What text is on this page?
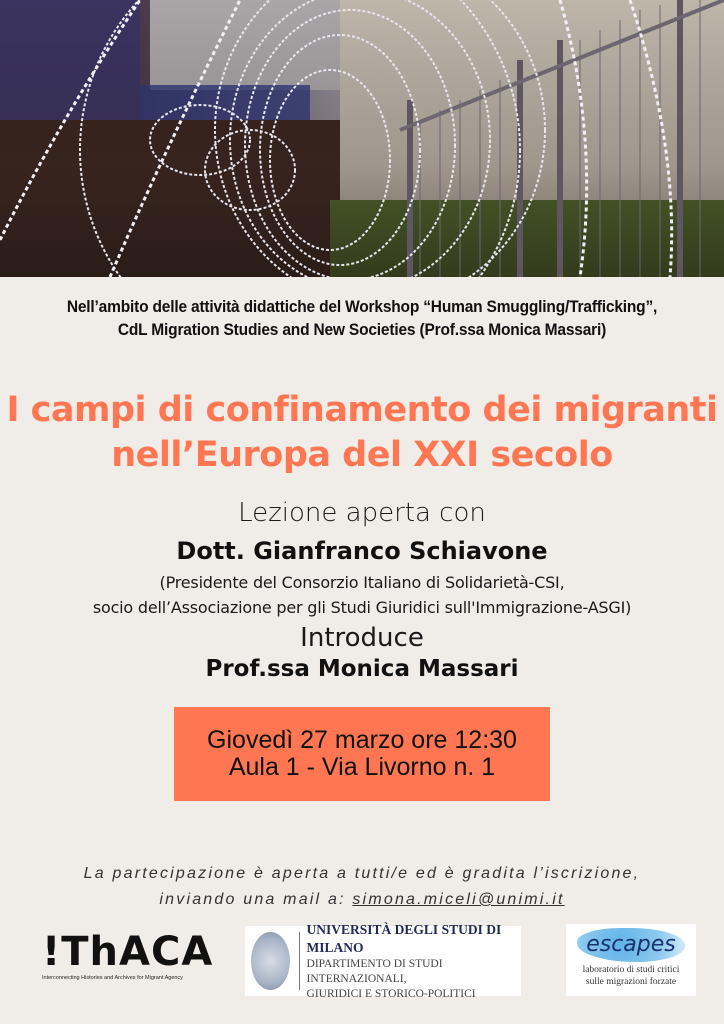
Nell’ambito delle attività didattiche del Workshop “Human Smuggling/Trafficking”,
CdL Migration Studies and New Societies (Prof.ssa Monica Massari)
I campi di confinamento dei migranti
nell’Europa del XXI secolo
Lezione aperta con
Dott. Gianfranco Schiavone
(Presidente del Consorzio Italiano di Solidarietà-CSI,
socio dell’Associazione per gli Studi Giuridici sull'Immigrazione-ASGI)
Introduce
Prof.ssa Monica Massari
Giovedì 27 marzo ore 12:30
Aula 1 - Via Livorno n. 1
La partecipazione è aperta a tutti/e ed è gradita l’iscrizione,
inviando una mail a: simona.miceli@unimi.it
!ThACA
Interconnecting Histories and Archives for Migrant Agency
UNIVERSITÀ DEGLI STUDI DI MILANO
DIPARTIMENTO DI STUDI INTERNAZIONALI,
GIURIDICI E STORICO-POLITICI
escapes
laboratorio di studi critici
sulle migrazioni forzate
